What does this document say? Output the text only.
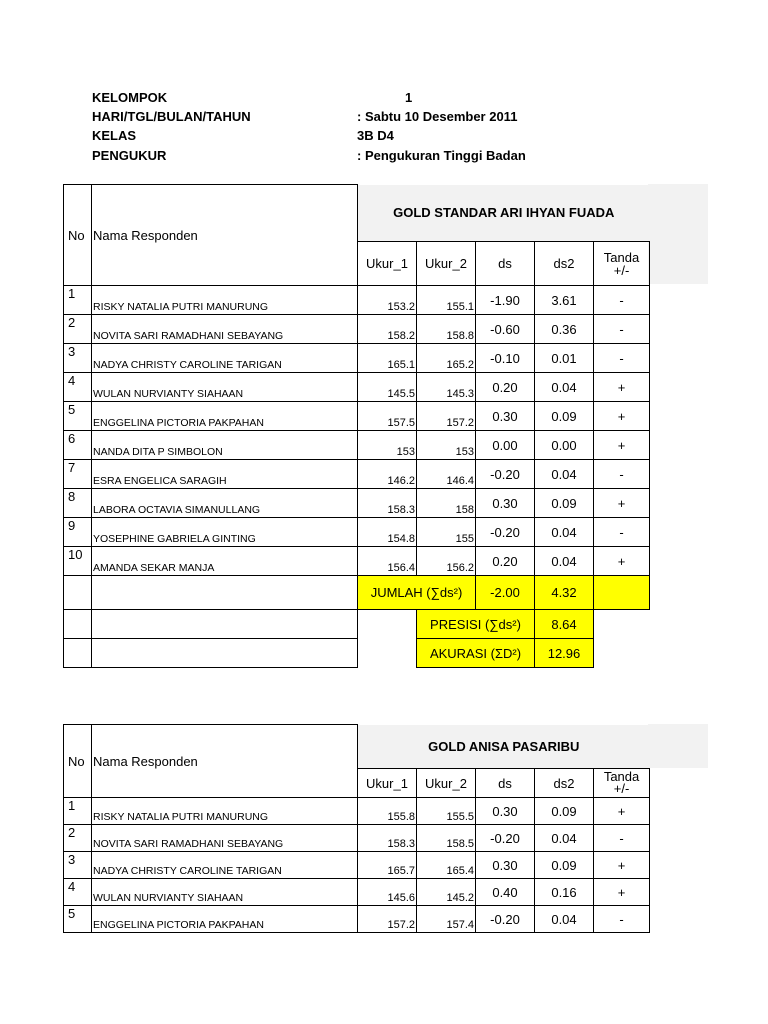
KELOMPOK	1
HARI/TGL/BULAN/TAHUN	: Sabtu 10 Desember 2011
KELAS	3B D4
PENGUKUR	: Pengukuran Tinggi Badan
No	Nama Responden	GOLD STANDAR ARI IHYAN FUADA				
		Ukur_1	Ukur_2	ds	ds2	Tanda
+/-
1	RISKY NATALIA PUTRI MANURUNG	153.2	155.1	-1.90	3.61	-
2	NOVITA SARI RAMADHANI SEBAYANG	158.2	158.8	-0.60	0.36	-
3	NADYA CHRISTY CAROLINE TARIGAN	165.1	165.2	-0.10	0.01	-
4	WULAN NURVIANTY SIAHAAN	145.5	145.3	0.20	0.04	+
5	ENGGELINA PICTORIA PAKPAHAN	157.5	157.2	0.30	0.09	+
6	NANDA DITA P SIMBOLON	153	153	0.00	0.00	+
7	ESRA ENGELICA SARAGIH	146.2	146.4	-0.20	0.04	-
8	LABORA OCTAVIA SIMANULLANG	158.3	158	0.30	0.09	+
9	YOSEPHINE GABRIELA GINTING	154.8	155	-0.20	0.04	-
10	AMANDA SEKAR MANJA	156.4	156.2	0.20	0.04	+
		JUMLAH (∑ds²)		-2.00	4.32	
			PRESISI (∑ds²)		8.64	
			AKURASI (ΣD²)		12.96	
No	Nama Responden	GOLD ANISA PASARIBU				
		Ukur_1	Ukur_2	ds	ds2	Tanda
+/-
1	RISKY NATALIA PUTRI MANURUNG	155.8	155.5	0.30	0.09	+
2	NOVITA SARI RAMADHANI SEBAYANG	158.3	158.5	-0.20	0.04	-
3	NADYA CHRISTY CAROLINE TARIGAN	165.7	165.4	0.30	0.09	+
4	WULAN NURVIANTY SIAHAAN	145.6	145.2	0.40	0.16	+
5	ENGGELINA PICTORIA PAKPAHAN	157.2	157.4	-0.20	0.04	-
